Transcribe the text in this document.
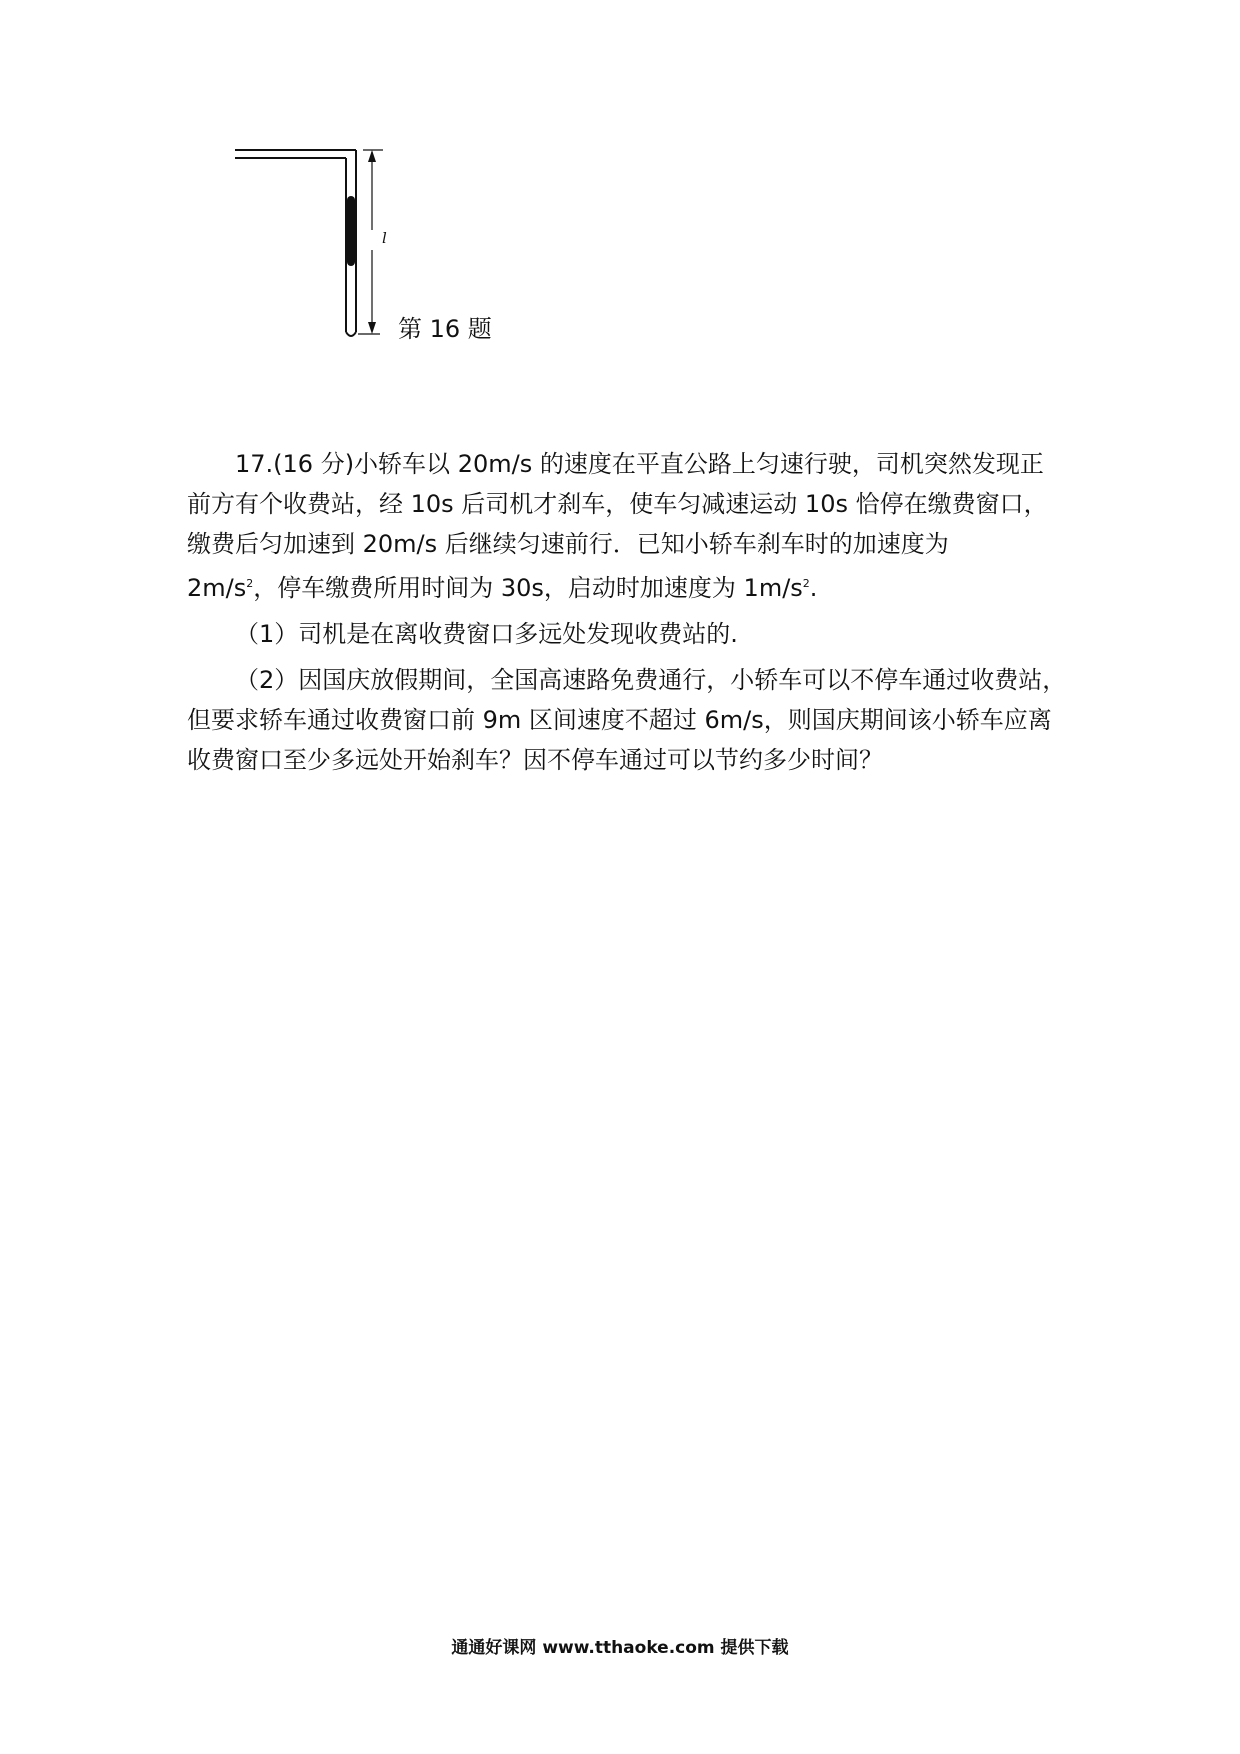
l
第 16 题

17.(16 分)小轿车以 20m/s 的速度在平直公路上匀速行驶，司机突然发现正前方有个收费站，经 10s 后司机才刹车，使车匀减速运动 10s 恰停在缴费窗口，缴费后匀加速到 20m/s 后继续匀速前行．已知小轿车刹车时的加速度为
$2m/s^2$，停车缴费所用时间为 30s，启动时加速度为 $1m/s^2$.

（1）司机是在离收费窗口多远处发现收费站的.

（2）因国庆放假期间，全国高速路免费通行，小轿车可以不停车通过收费站，但要求轿车通过收费窗口前 9m 区间速度不超过 6m/s，则国庆期间该小轿车应离收费窗口至少多远处开始刹车？因不停车通过可以节约多少时间？

通通好课网 www.tthaoke.com 提供下载
